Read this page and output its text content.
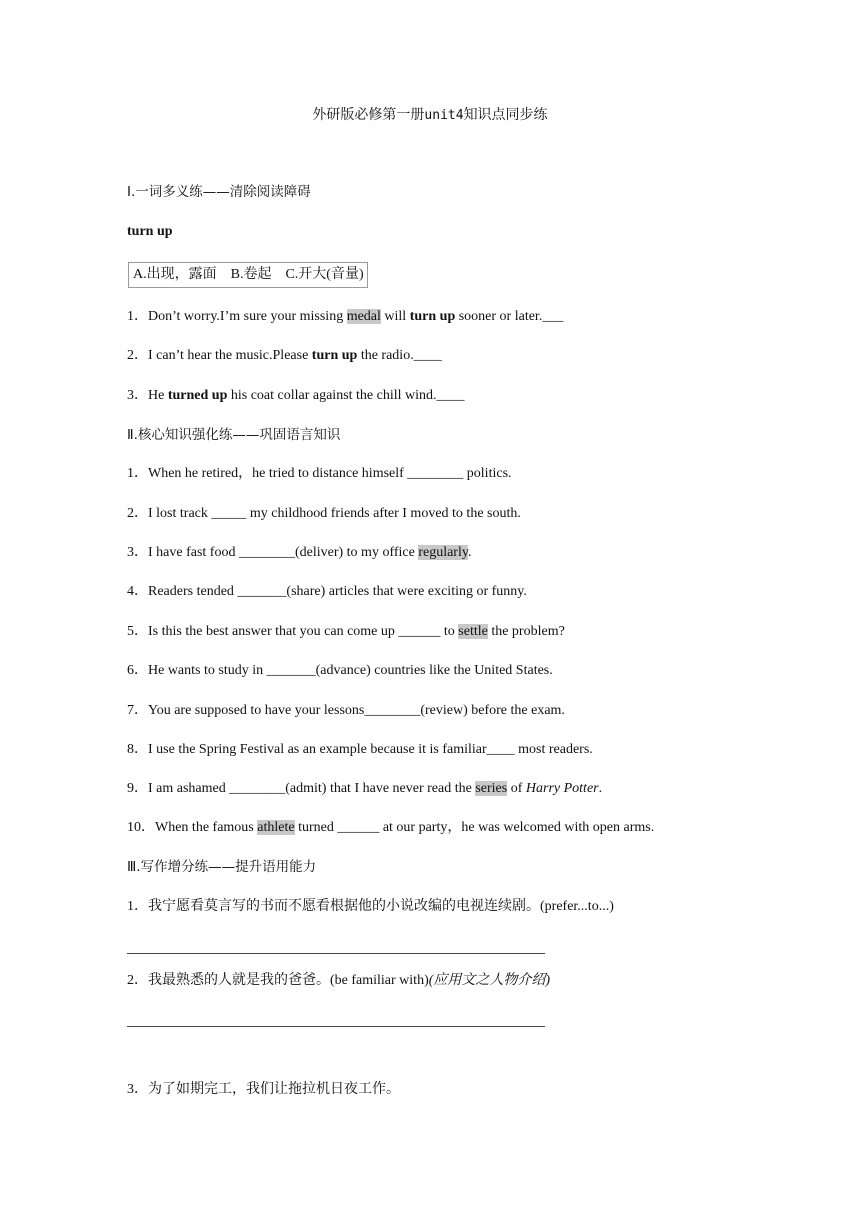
外研版必修第一册unit4知识点同步练
Ⅰ.一词多义练——清除阅读障碍
turn up
A.出现，露面　B.卷起　C.开大(音量)
1．Don’t worry.I’m sure your missing medal will turn up sooner or later.___
2．I can’t hear the music.Please turn up the radio.____
3．He turned up his coat collar against the chill wind.____
Ⅱ.核心知识强化练——巩固语言知识
1．When he retired，he tried to distance himself ________ politics.
2．I lost track _____ my childhood friends after I moved to the south.
3．I have fast food ________(deliver) to my office regularly.
4．Readers tended _______(share) articles that were exciting or funny.
5．Is this the best answer that you can come up ______ to settle the problem?
6．He wants to study in _______(advance) countries like the United States.
7．You are supposed to have your lessons________(review) before the exam.
8．I use the Spring Festival as an example because it is familiar____ most readers.
9．I am ashamed ________(admit) that I have never read the series of Harry Potter.
10．When the famous athlete turned ______ at our party，he was welcomed with open arms.
Ⅲ.写作增分练——提升语用能力
1．我宁愿看莫言写的书而不愿看根据他的小说改编的电视连续剧。(prefer...to...)
2．我最熟悉的人就是我的爸爸。(be familiar with)(应用文之人物介绍)
3．为了如期完工，我们让拖拉机日夜工作。
